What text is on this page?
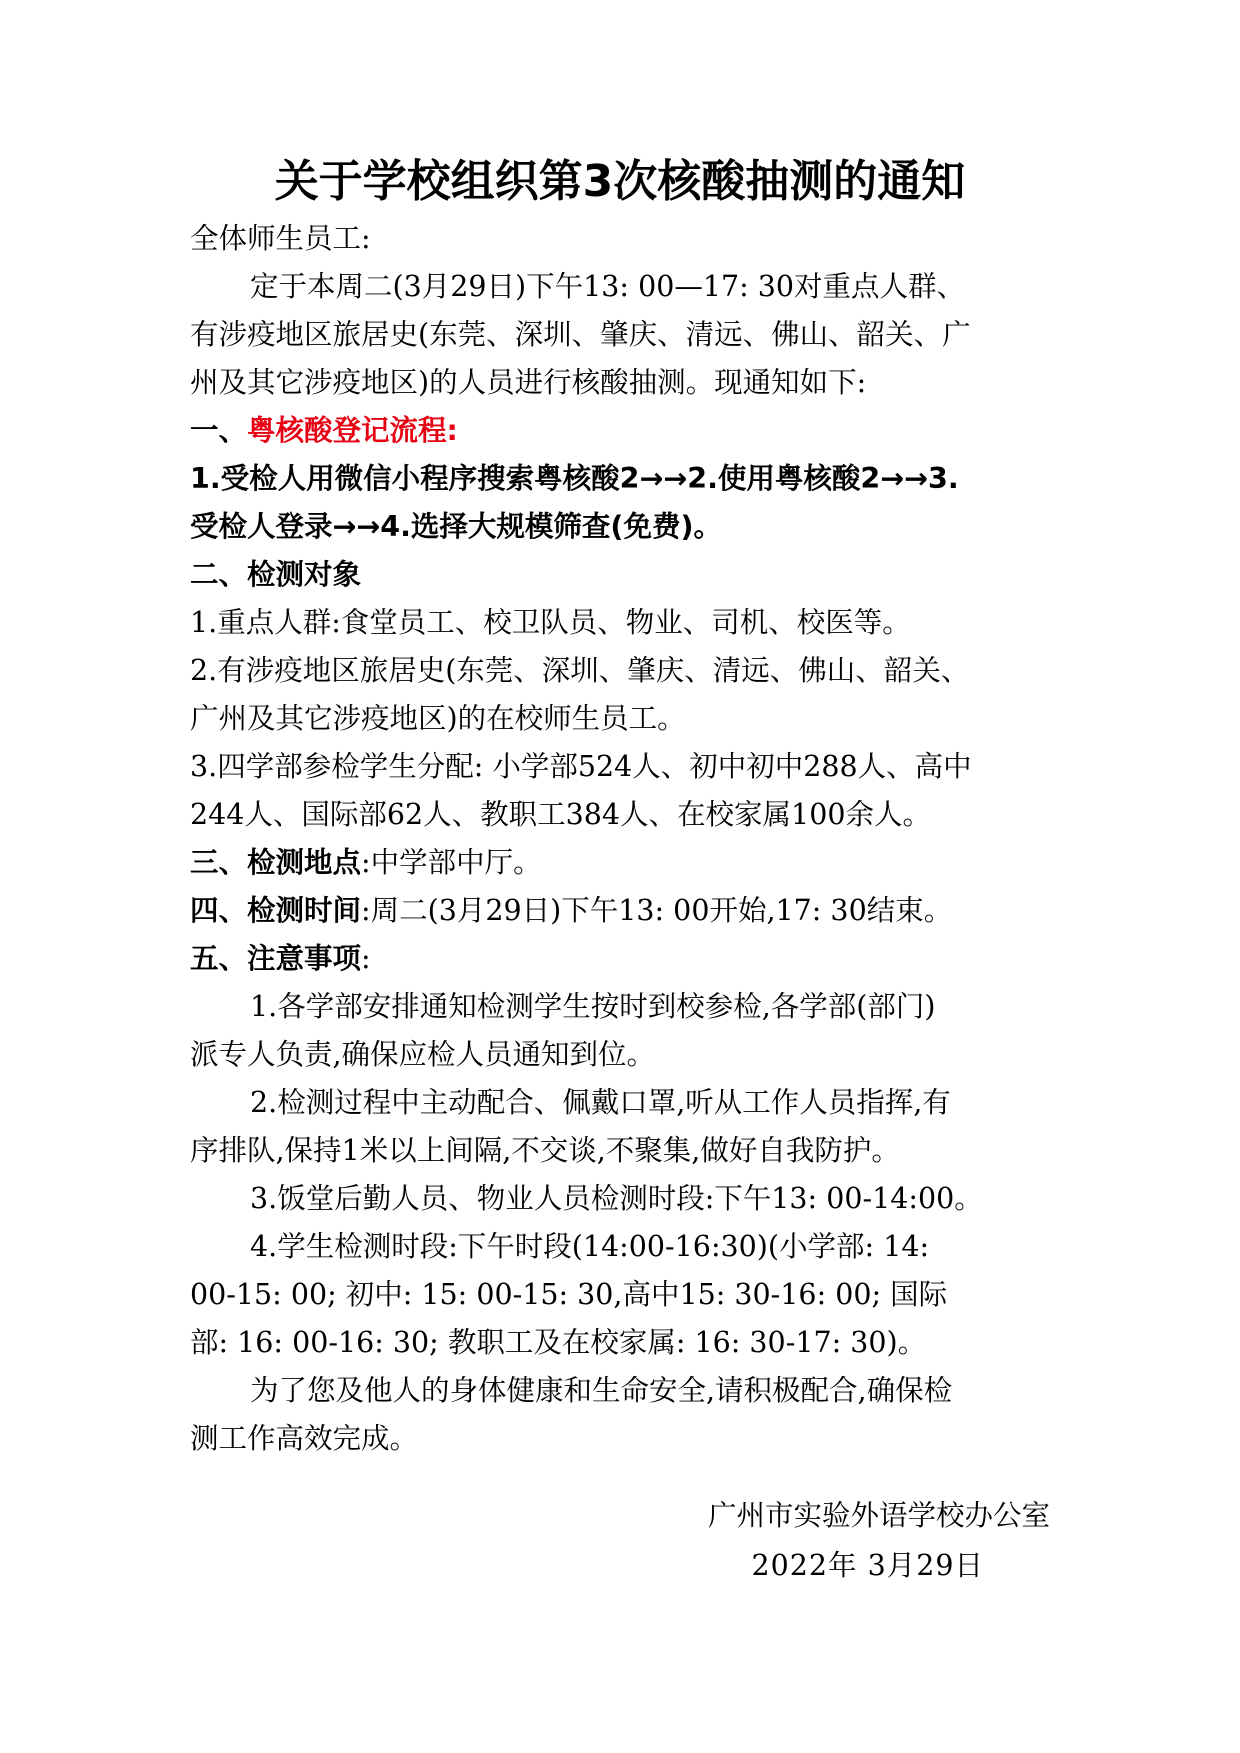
关于学校组织第3次核酸抽测的通知
全体师生员工:
定于本周二(3月29日)下午13: 00—17: 30对重点人群、
有涉疫地区旅居史(东莞、深圳、肇庆、清远、佛山、韶关、广
州及其它涉疫地区)的人员进行核酸抽测。现通知如下:
一、粤核酸登记流程:
1.受检人用微信小程序搜索粤核酸2→→2.使用粤核酸2→→3.
受检人登录→→4.选择大规模筛查(免费)。
二、检测对象
1.重点人群:食堂员工、校卫队员、物业、司机、校医等。
2.有涉疫地区旅居史(东莞、深圳、肇庆、清远、佛山、韶关、
广州及其它涉疫地区)的在校师生员工。
3.四学部参检学生分配: 小学部524人、初中初中288人、高中
244人、国际部62人、教职工384人、在校家属100余人。
三、检测地点:中学部中厅。
四、检测时间:周二(3月29日)下午13: 00开始,17: 30结束。
五、注意事项:
1.各学部安排通知检测学生按时到校参检,各学部(部门)
派专人负责,确保应检人员通知到位。
2.检测过程中主动配合、佩戴口罩,听从工作人员指挥,有
序排队,保持1米以上间隔,不交谈,不聚集,做好自我防护。
3.饭堂后勤人员、物业人员检测时段:下午13: 00-14:00。
4.学生检测时段:下午时段(14:00-16:30)(小学部: 14:
00-15: 00; 初中: 15: 00-15: 30,高中15: 30-16: 00; 国际
部: 16: 00-16: 30; 教职工及在校家属: 16: 30-17: 30)。
为了您及他人的身体健康和生命安全,请积极配合,确保检
测工作高效完成。
广州市实验外语学校办公室
2022年 3月29日
